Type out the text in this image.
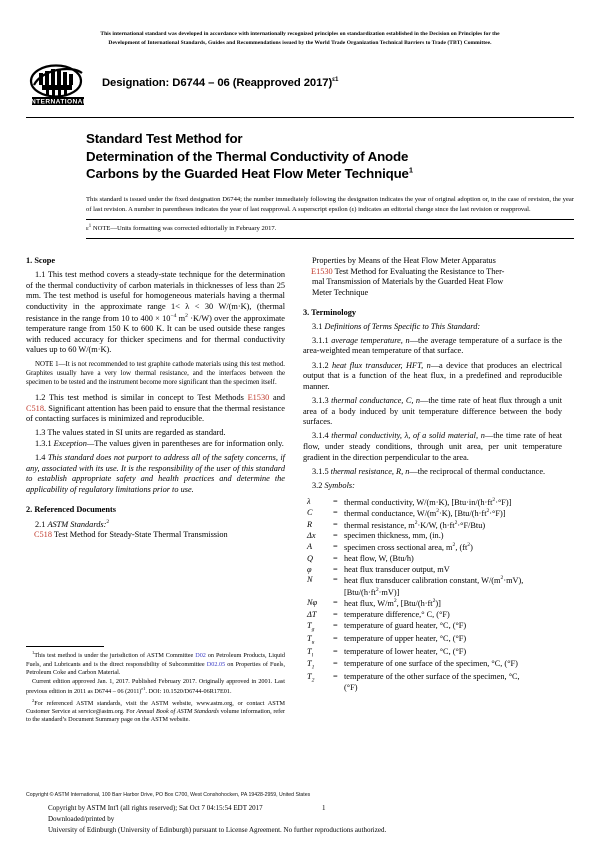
This international standard was developed in accordance with internationally recognized principles on standardization established in the Decision on Principles for the
Development of International Standards, Guides and Recommendations issued by the World Trade Organization Technical Barriers to Trade (TBT) Committee.
INTERNATIONAL
Designation: D6744 – 06 (Reapproved 2017)$^{\varepsilon 1}$
Standard Test Method for
Determination of the Thermal Conductivity of Anode
Carbons by the Guarded Heat Flow Meter Technique$^1$
This standard is issued under the fixed designation D6744; the number immediately following the designation indicates the year of original adoption or, in the case of revision, the year of last revision. A number in parentheses indicates the year of last reapproval. A superscript epsilon (ε) indicates an editorial change since the last revision or reapproval.
$\varepsilon^1$ NOTE—Units formatting was corrected editorially in February 2017.
1. Scope

1.1 This test method covers a steady-state technique for the determination of the thermal conductivity of carbon materials in thicknesses of less than 25 mm. The test method is useful for homogeneous materials having a thermal conductivity in the approximate range 1< λ < 30 W/(m·K), (thermal resistance in the range from 10 to $400 \times 10^{-4}$ $m^2 \cdot K/W$) over the approximate temperature range from 150 K to 600 K. It can be used outside these ranges with reduced accuracy for thicker specimens and for thermal conductivity values up to 60 W/(m·K).

NOTE 1—It is not recommended to test graphite cathode materials using this test method. Graphites usually have a very low thermal resistance, and the interfaces between the specimen to be tested and the instrument become more significant than the specimen itself.

1.2 This test method is similar in concept to Test Methods E1530 and C518. Significant attention has been paid to ensure that the thermal resistance of contacting surfaces is minimized and reproducible.

1.3 The values stated in SI units are regarded as standard.

1.3.1 Exception—The values given in parentheses are for information only.

1.4 This standard does not purport to address all of the safety concerns, if any, associated with its use. It is the responsibility of the user of this standard to establish appropriate safety and health practices and determine the applicability of regulatory limitations prior to use.

2. Referenced Documents

2.1 ASTM Standards:$^2$

C518 Test Method for Steady-State Thermal Transmission

$^1$This test method is under the jurisdiction of ASTM Committee D02 on Petroleum Products, Liquid Fuels, and Lubricants and is the direct responsibility of Subcommittee D02.05 on Properties of Fuels, Petroleum Coke and Carbon Material.

Current edition approved Jan. 1, 2017. Published February 2017. Originally approved in 2001. Last previous edition in 2011 as D6744 – 06 $(2011)^{\varepsilon 1}$. DOI: 10.1520/D6744-06R17E01.

$^2$For referenced ASTM standards, visit the ASTM website, www.astm.org, or contact ASTM Customer Service at service@astm.org. For Annual Book of ASTM Standards volume information, refer to the standard’s Document Summary page on the ASTM website.

Properties by Means of the Heat Flow Meter Apparatus

E1530 Test Method for Evaluating the Resistance to Ther-

mal Transmission of Materials by the Guarded Heat Flow

Meter Technique

3. Terminology

3.1 Definitions of Terms Specific to This Standard:

3.1.1 average temperature, n—the average temperature of a surface is the area-weighted mean temperature of that surface.

3.1.2 heat flux transducer, HFT, n—a device that produces an electrical output that is a function of the heat flux, in a predefined and reproducible manner.

3.1.3 thermal conductance, C, n—the time rate of heat flux through a unit area of a body induced by unit temperature difference between the body surfaces.

3.1.4 thermal conductivity, λ, of a solid material, n—the time rate of heat flow, under steady conditions, through unit area, per unit temperature gradient in the direction perpendicular to the area.

3.1.5 thermal resistance, R, n—the reciprocal of thermal conductance.

3.2 Symbols:

λ	= thermal conductivity, W/(m·K), $[Btu\cdot in/(h\cdot ft^2\cdot^\circ F)]$
C	= thermal conductance, $W/(m^2\cdot K)$, $[Btu/(h\cdot ft^2\cdot^\circ F)]$
R	= thermal resistance, $m^2\cdot K/W$, $(h\cdot ft^2\cdot^\circ F/Btu)$
Δx	= specimen thickness, mm, (in.)
A	= specimen cross sectional area, $m^2$, $(ft^2)$
Q	= heat flow, W, (Btu/h)
φ	= heat flux transducer output, mV
N	= heat flux transducer calibration constant, $W/(m^2\cdot mV)$,
$[Btu/(h\cdot ft^2\cdot mV)]$
Nφ	= heat flux, $W/m^2$, $[Btu/(h\cdot ft^2)]$
ΔT	= temperature difference,° C, (°F)
$T_g$	= temperature of guard heater, °C, (°F)
$T_u$	= temperature of upper heater, °C, (°F)
$T_l$	= temperature of lower heater, °C, (°F)
$T_1$	= temperature of one surface of the specimen, °C, (°F)
$T_2$	= temperature of the other surface of the specimen, °C,
(°F)
Copyright © ASTM International, 100 Barr Harbor Drive, PO Box C700, West Conshohocken, PA 19428-2959, United States
Copyright by ASTM Int'l (all rights reserved); Sat Oct 7 04:15:54 EDT 2017
Downloaded/printed by
University of Edinburgh (University of Edinburgh) pursuant to License Agreement. No further reproductions authorized.
1
